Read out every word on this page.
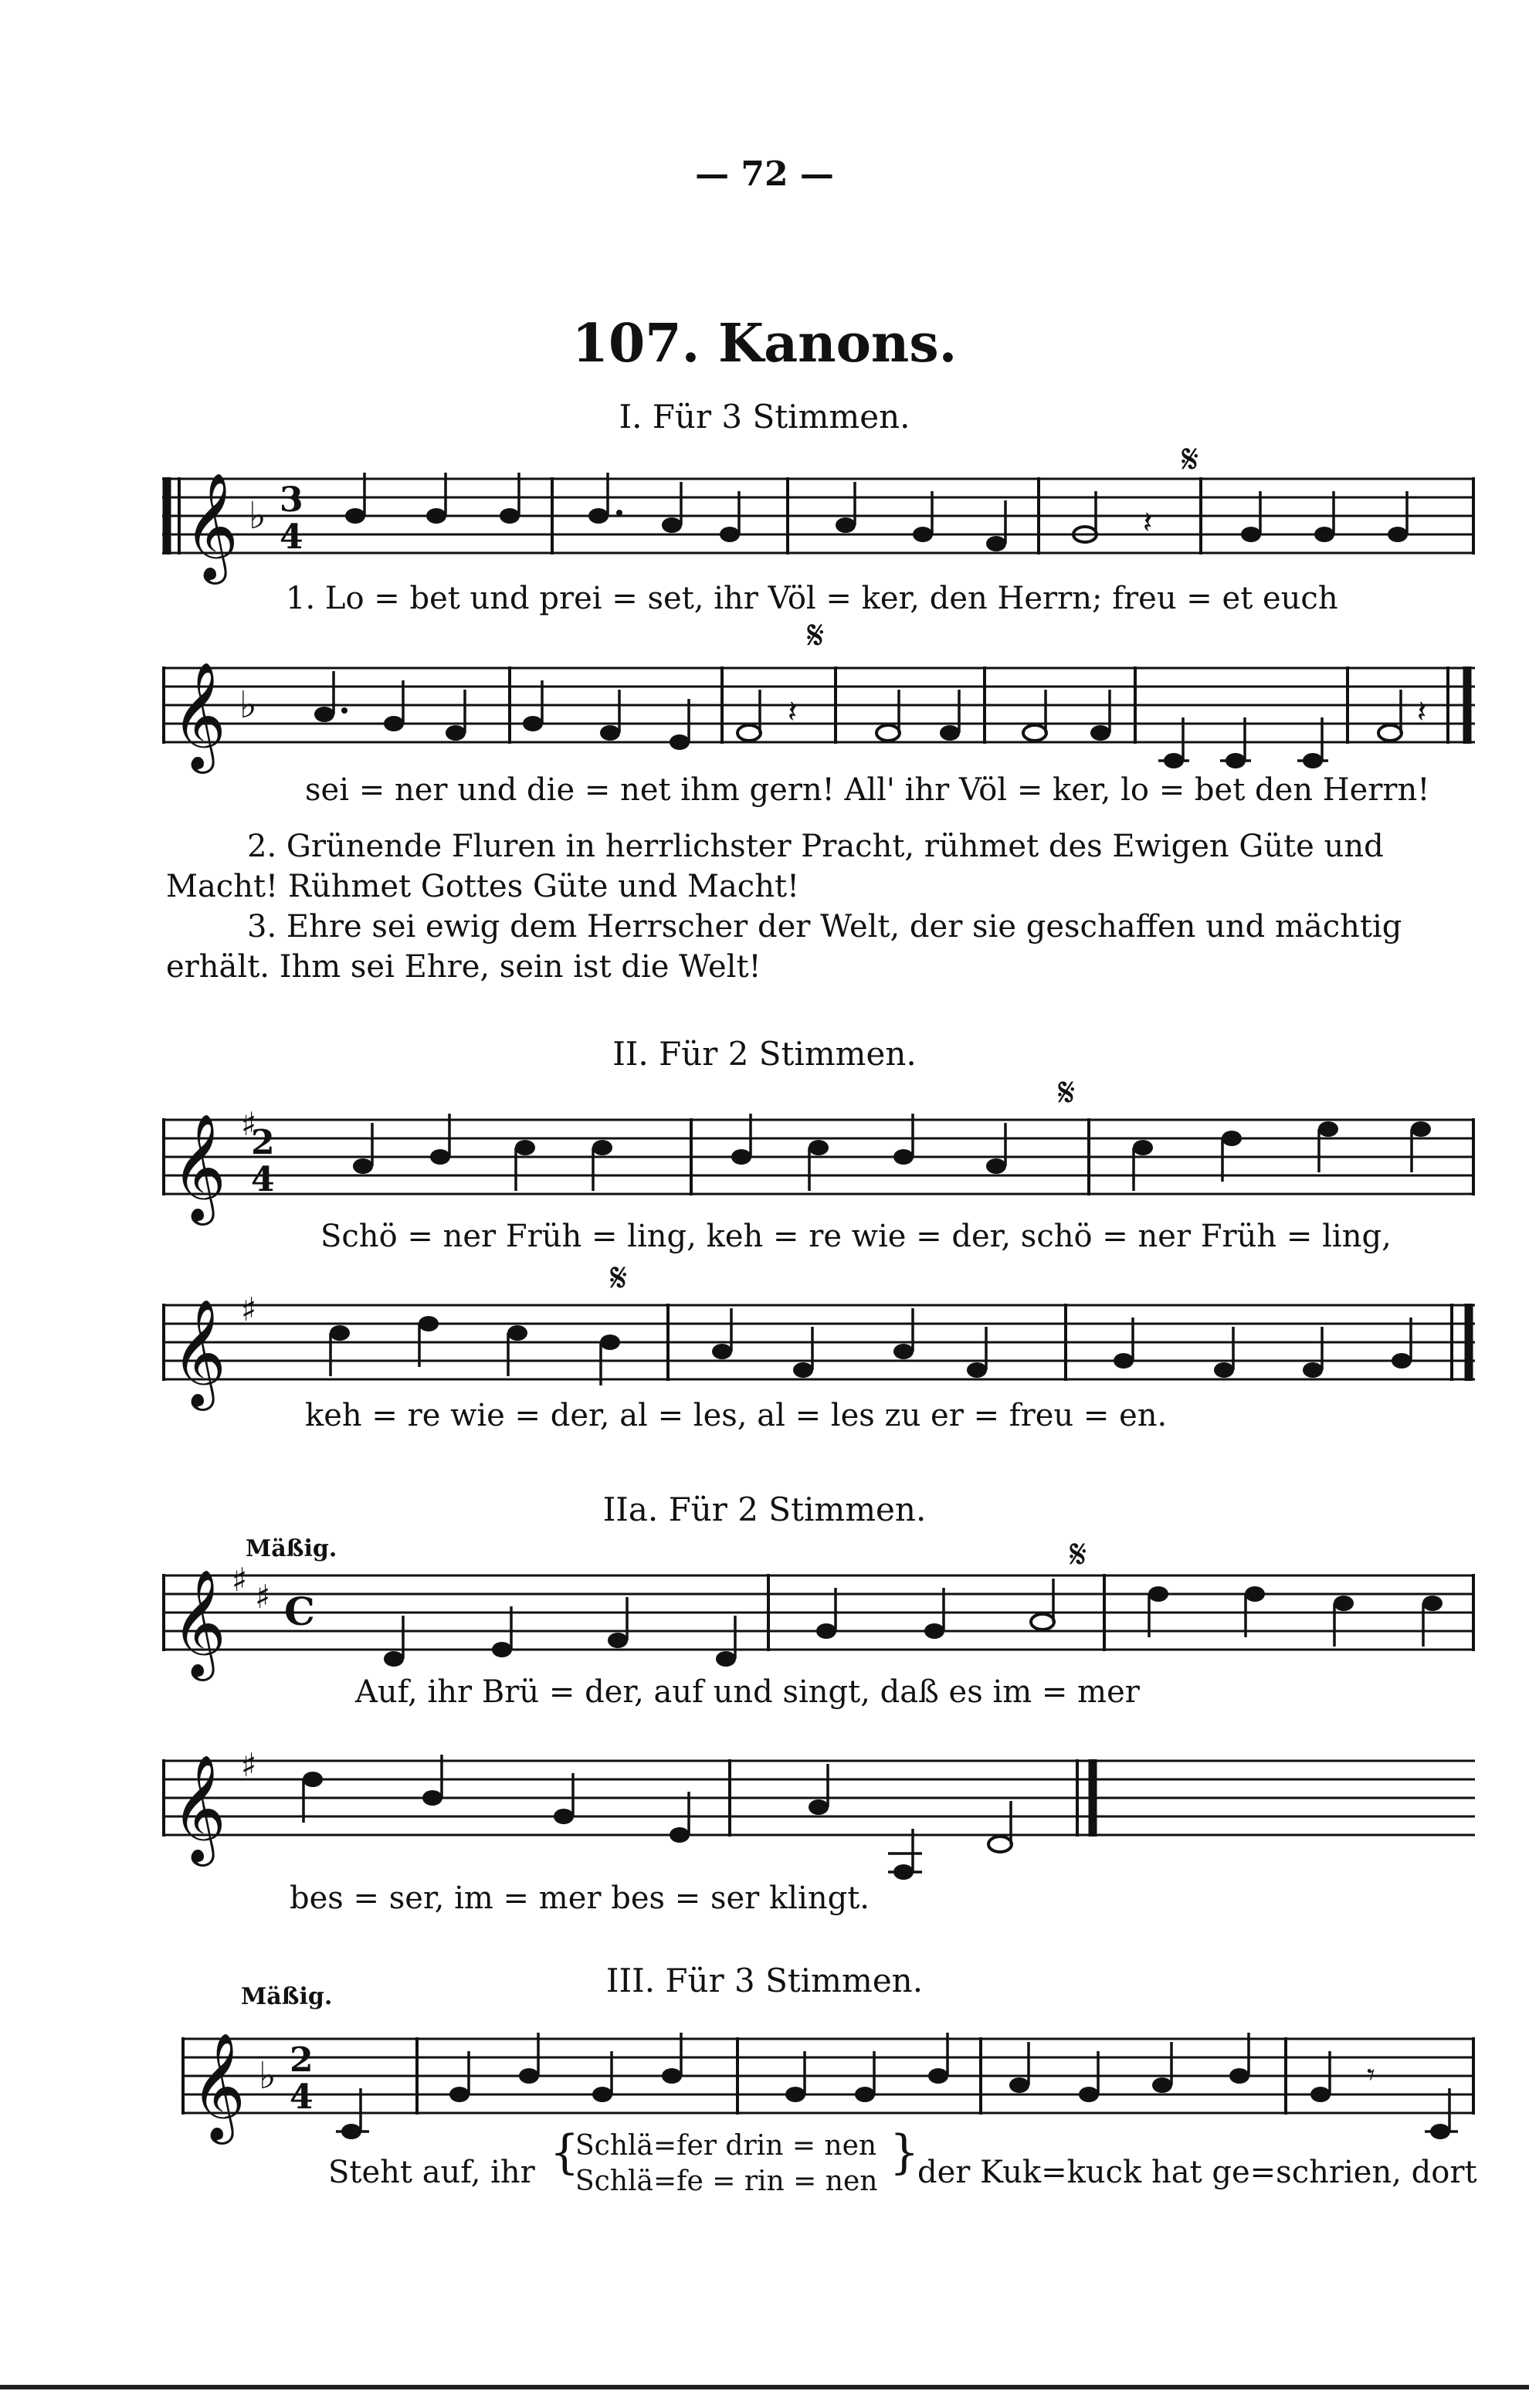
— 72 —
107. Kanons.
I. Für 3 Stimmen.
𝄞 ♭ 3
4	𝄽
𝄋
𝄞 ♭	𝄽	𝄽
𝄋
𝄞 ♯
2
4
𝄋
𝄞 ♯
𝄋
𝄞 ♯ ♯ C
𝄋
𝄞 ♯
𝄞 ♭ 2
4
𝄾
1. Lo = bet und prei = set, ihr Völ = ker, den Herrn; freu = et euch
sei = ner und die = net ihm gern! All' ihr Völ = ker, lo = bet den Herrn!
2. Grünende Fluren in herrlichster Pracht, rühmet des Ewigen Güte und
Macht! Rühmet Gottes Güte und Macht!
3. Ehre sei ewig dem Herrscher der Welt, der sie geschaffen und mächtig
erhält. Ihm sei Ehre, sein ist die Welt!
II. Für 2 Stimmen.
Schö = ner Früh = ling, keh = re wie = der, schö = ner Früh = ling,
keh = re wie = der, al = les, al = les zu er = freu = en.
IIa. Für 2 Stimmen.
Mäßig.
Auf, ihr Brü = der, auf und singt, daß es im = mer
bes = ser, im = mer bes = ser klingt.
III. Für 3 Stimmen.
Mäßig.
Steht auf, ihr {
Schlä=fer drin = nen
Schlä=fe = rin = nen
}
der Kuk=kuck hat ge=schrien, dort
